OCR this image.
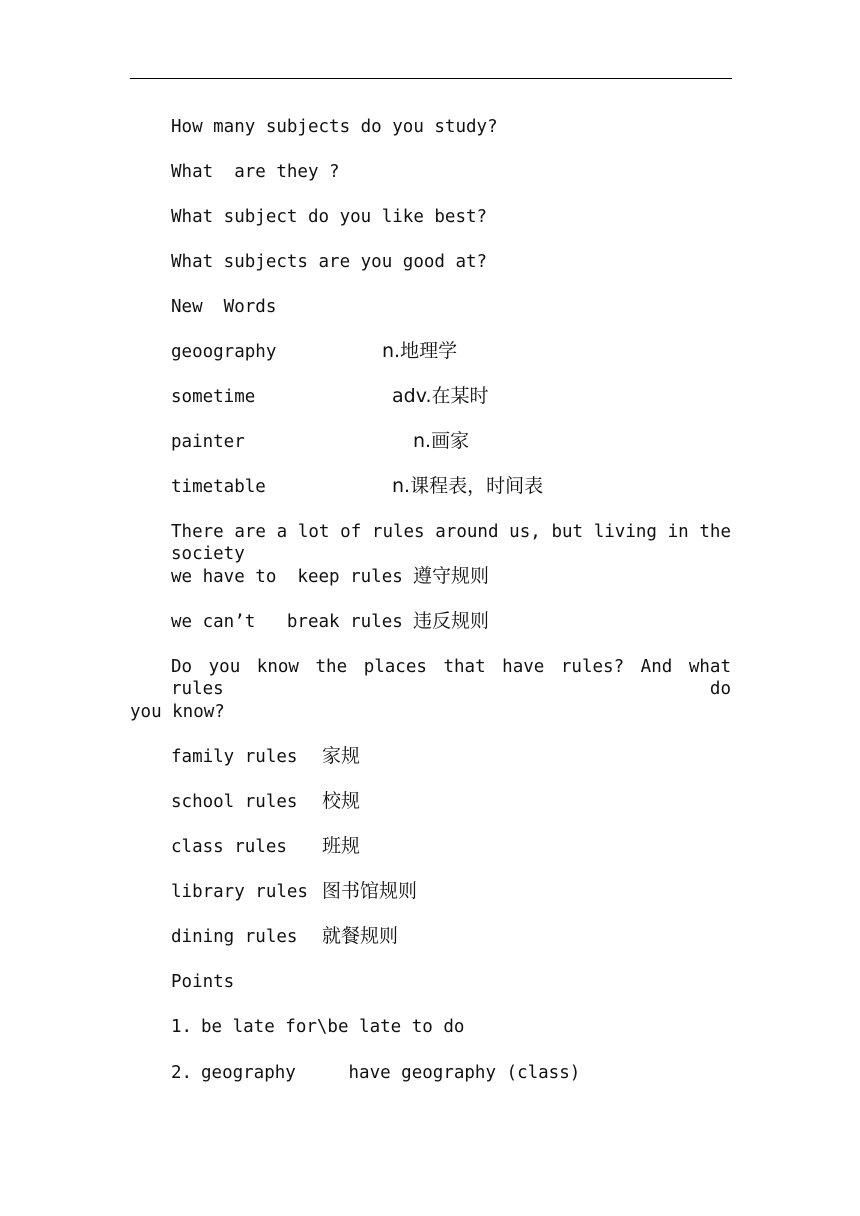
How many subjects do you study?
What  are they ?
What subject do you like best?
What subjects are you good at?
New  Words
geoography	n.地理学
sometime	adv.在某时
painter	n.画家
timetable	n.课程表，时间表
There are a lot of rules around us, but living in the society
we have to  keep rules 遵守规则
we can’t   break rules 违反规则
Do you know the places that have rules? And what rules do
you know?
family rules 家规
school rules 校规
class rules 班规
library rules 图书馆规则
dining rules 就餐规则
Points
1. be late for\be late to do
2. geography     have geography (class)
